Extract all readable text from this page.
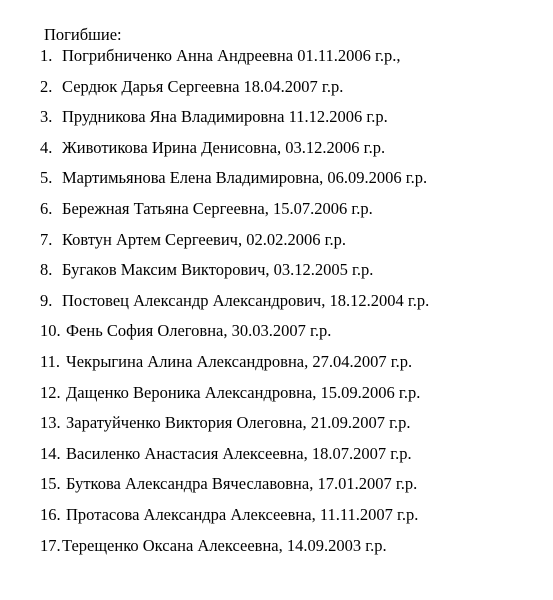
Погибшие:
1. Погрибниченко Анна Андреевна 01.11.2006 г.р.,
2. Сердюк Дарья Сергеевна 18.04.2007 г.р.
3. Прудникова Яна Владимировна 11.12.2006 г.р.
4. Животикова Ирина Денисовна, 03.12.2006 г.р.
5. Мартимьянова Елена Владимировна, 06.09.2006 г.р.
6. Бережная Татьяна Сергеевна, 15.07.2006 г.р.
7. Ковтун Артем Сергеевич, 02.02.2006 г.р.
8. Бугаков Максим Викторович, 03.12.2005 г.р.
9. Постовец Александр Александрович, 18.12.2004 г.р.
10. Фень София Олеговна, 30.03.2007 г.р.
11. Чекрыгина Алина Александровна, 27.04.2007 г.р.
12. Дащенко Вероника Александровна, 15.09.2006 г.р.
13. Заратуйченко Виктория Олеговна, 21.09.2007 г.р.
14. Василенко Анастасия Алексеевна, 18.07.2007 г.р.
15. Буткова Александра Вячеславовна, 17.01.2007 г.р.
16. Протасова Александра Алексеевна, 11.11.2007 г.р.
17. Терещенко Оксана Алексеевна, 14.09.2003 г.р.
